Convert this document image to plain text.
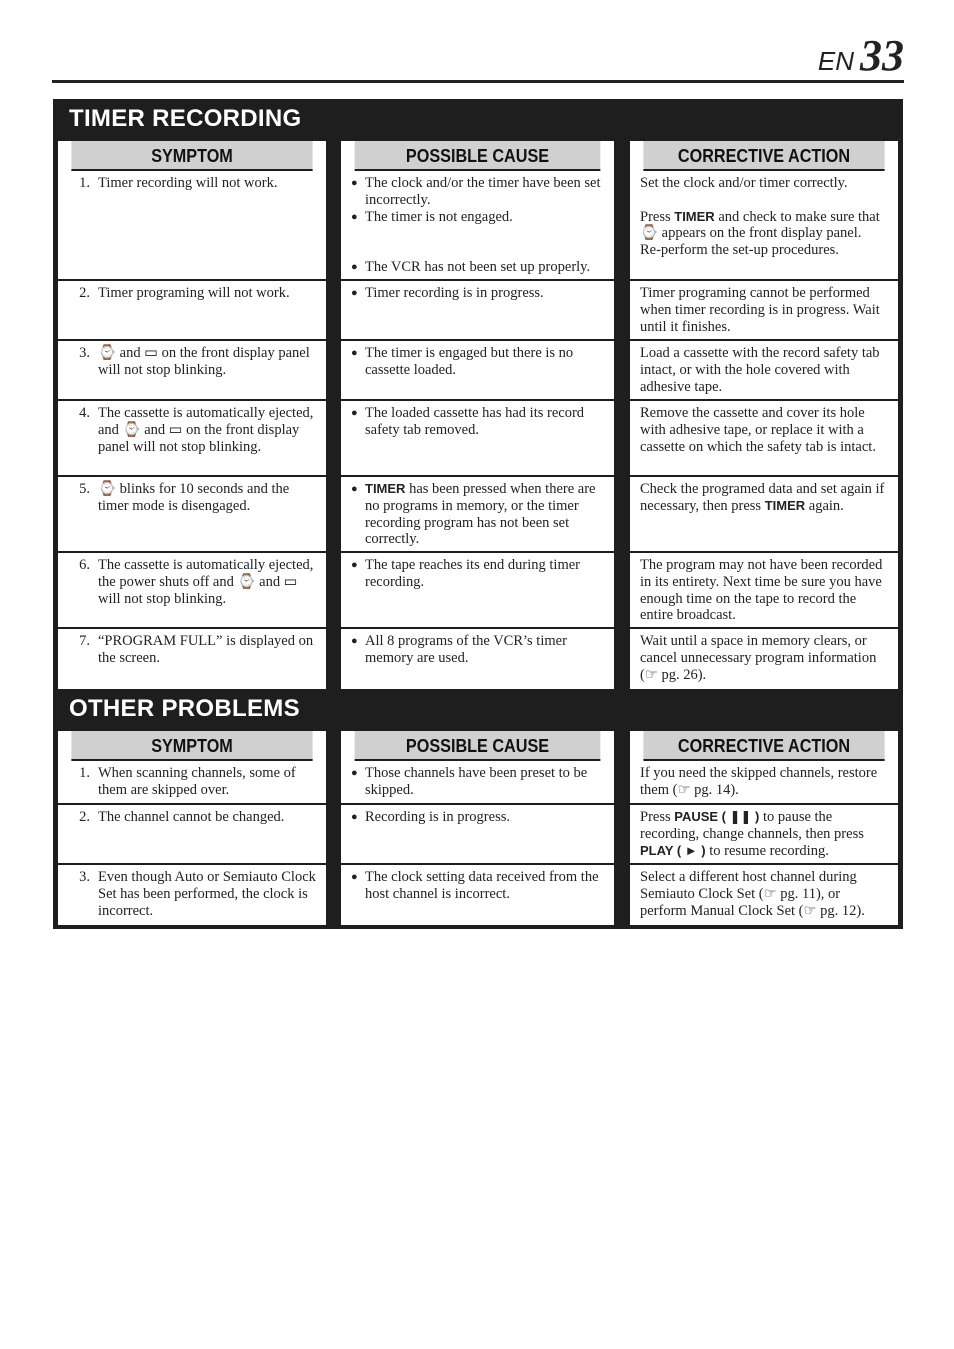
EN 33
TIMER RECORDING
SYMPTOM
1. Timer recording will not work.
2. Timer programing will not work.
3. ⌚ and ▭ on the front display panel will not stop blinking.
4. The cassette is automatically ejected, and ⌚ and ▭ on the front display panel will not stop blinking.
5. ⌚ blinks for 10 seconds and the timer mode is disengaged.
6. The cassette is automatically ejected, the power shuts off and ⌚ and ▭ will not stop blinking.
7. “PROGRAM FULL” is displayed on the screen.
POSSIBLE CAUSE
● The clock and/or the timer have been set incorrectly.
● The timer is not engaged.
● The VCR has not been set up properly.
● Timer recording is in progress.
● The timer is engaged but there is no cassette loaded.
● The loaded cassette has had its record safety tab removed.
● TIMER has been pressed when there are no programs in memory, or the timer recording program has not been set correctly.
● The tape reaches its end during timer recording.
● All 8 programs of the VCR’s timer memory are used.
CORRECTIVE ACTION
Set the clock and/or timer correctly.
Press TIMER and check to make sure that ⌚ appears on the front display panel.
Re-perform the set-up procedures.
Timer programing cannot be performed when timer recording is in progress. Wait until it finishes.
Load a cassette with the record safety tab intact, or with the hole covered with adhesive tape.
Remove the cassette and cover its hole with adhesive tape, or replace it with a cassette on which the safety tab is intact.
Check the programed data and set again if necessary, then press TIMER again.
The program may not have been recorded in its entirety. Next time be sure you have enough time on the tape to record the entire broadcast.
Wait until a space in memory clears, or cancel unnecessary program information (☞ pg. 26).
OTHER PROBLEMS
SYMPTOM
1. When scanning channels, some of them are skipped over.
2. The channel cannot be changed.
3. Even though Auto or Semiauto Clock Set has been performed, the clock is incorrect.
POSSIBLE CAUSE
● Those channels have been preset to be skipped.
● Recording is in progress.
● The clock setting data received from the host channel is incorrect.
CORRECTIVE ACTION
If you need the skipped channels, restore them (☞ pg. 14).
Press PAUSE ( ❚❚ ) to pause the recording, change channels, then press PLAY ( ► ) to resume recording.
Select a different host channel during Semiauto Clock Set (☞ pg. 11), or perform Manual Clock Set (☞ pg. 12).
